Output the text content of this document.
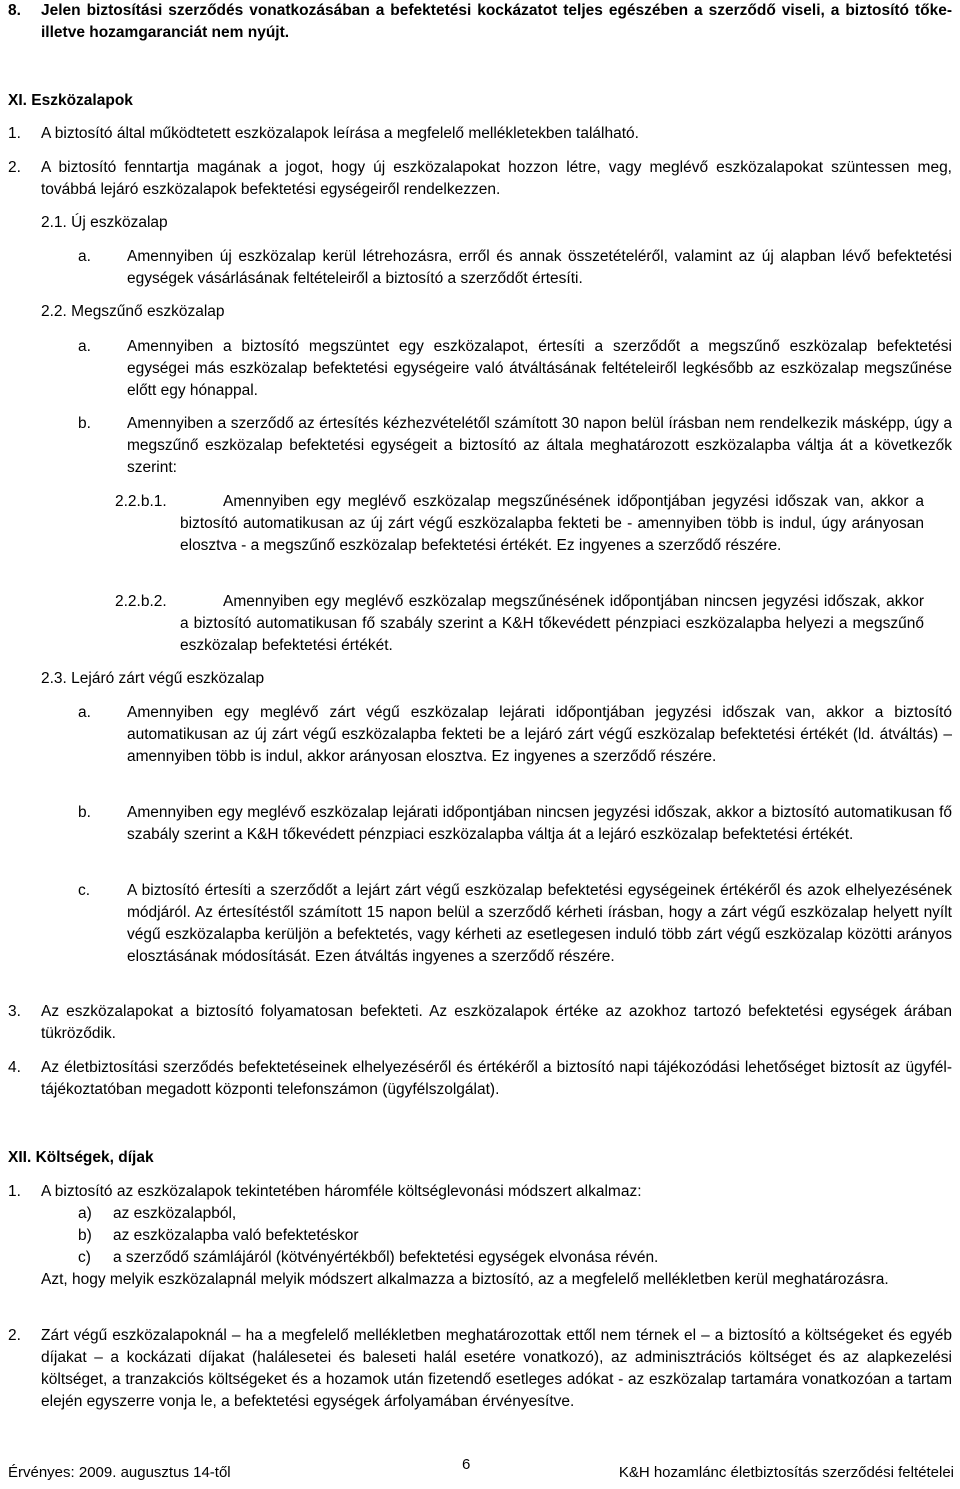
8. Jelen biztosítási szerződés vonatkozásában a befektetési kockázatot teljes egészében a szerződő viseli, a biztosító tőke- illetve hozamgaranciát nem nyújt.
XI. Eszközalapok
1. A biztosító által működtetett eszközalapok leírása a megfelelő mellékletekben található.
2. A biztosító fenntartja magának a jogot, hogy új eszközalapokat hozzon létre, vagy meglévő eszközalapokat szüntessen meg, továbbá lejáró eszközalapok befektetési egységeiről rendelkezzen.
2.1. Új eszközalap
a. Amennyiben új eszközalap kerül létrehozásra, erről és annak összetételéről, valamint az új alapban lévő befektetési egységek vásárlásának feltételeiről a biztosító a szerződőt értesíti.
2.2. Megszűnő eszközalap
a. Amennyiben a biztosító megszüntet egy eszközalapot, értesíti a szerződőt a megszűnő eszközalap befektetési egységei más eszközalap befektetési egységeire való átváltásának feltételeiről legkésőbb az eszközalap megszűnése előtt egy hónappal.
b. Amennyiben a szerződő az értesítés kézhezvételétől számított 30 napon belül írásban nem rendelkezik másképp, úgy a megszűnő eszközalap befektetési egységeit a biztosító az általa meghatározott eszközalapba váltja át a következők szerint:
2.2.b.1.	Amennyiben egy meglévő eszközalap megszűnésének időpontjában jegyzési időszak van, akkor a biztosító automatikusan az új zárt végű eszközalapba fekteti be - amennyiben több is indul, úgy arányosan elosztva - a megszűnő eszközalap befektetési értékét. Ez ingyenes a szerződő részére.
2.2.b.2.	Amennyiben egy meglévő eszközalap megszűnésének időpontjában nincsen jegyzési időszak, akkor a biztosító automatikusan fő szabály szerint a K&H tőkevédett pénzpiaci eszközalapba helyezi a megszűnő eszközalap befektetési értékét.
2.3. Lejáró zárt végű eszközalap
a. Amennyiben egy meglévő zárt végű eszközalap lejárati időpontjában jegyzési időszak van, akkor a biztosító automatikusan az új zárt végű eszközalapba fekteti be a lejáró zárt végű eszközalap befektetési értékét (ld. átváltás) – amennyiben több is indul, akkor arányosan elosztva. Ez ingyenes a szerződő részére.
b. Amennyiben egy meglévő eszközalap lejárati időpontjában nincsen jegyzési időszak, akkor a biztosító automatikusan fő szabály szerint a K&H tőkevédett pénzpiaci eszközalapba váltja át a lejáró eszközalap befektetési értékét.
c. A biztosító értesíti a szerződőt a lejárt zárt végű eszközalap befektetési egységeinek értékéről és azok elhelyezésének módjáról. Az értesítéstől számított 15 napon belül a szerződő kérheti írásban, hogy a zárt végű eszközalap helyett nyílt végű eszközalapba kerüljön a befektetés, vagy kérheti az esetlegesen induló több zárt végű eszközalap közötti arányos elosztásának módosítását. Ezen átváltás ingyenes a szerződő részére.
3. Az eszközalapokat a biztosító folyamatosan befekteti. Az eszközalapok értéke az azokhoz tartozó befektetési egységek árában tükröződik.
4. Az életbiztosítási szerződés befektetéseinek elhelyezéséről és értékéről a biztosító napi tájékozódási lehetőséget biztosít az ügyfél-tájékoztatóban megadott központi telefonszámon (ügyfélszolgálat).
XII. Költségek, díjak
1. A biztosító az eszközalapok tekintetében háromféle költséglevonási módszert alkalmaz:
a) az eszközalapból,
b) az eszközalapba való befektetéskor
c) a szerződő számlájáról (kötvényértékből) befektetési egységek elvonása révén.
Azt, hogy melyik eszközalapnál melyik módszert alkalmazza a biztosító, az a megfelelő mellékletben kerül meghatározásra.
2. Zárt végű eszközalapoknál – ha a megfelelő mellékletben meghatározottak ettől nem térnek el – a biztosító a költségeket és egyéb díjakat – a kockázati díjakat (halálesetei és baleseti halál esetére vonatkozó), az adminisztrációs költséget és az alapkezelési költséget, a tranzakciós költségeket és a hozamok után fizetendő esetleges adókat - az eszközalap tartamára vonatkozóan a tartam elején egyszerre vonja le, a befektetési egységek árfolyamában érvényesítve.
Érvényes: 2009. augusztus 14-től	6	K&H hozamlánc életbiztosítás szerződési feltételei
